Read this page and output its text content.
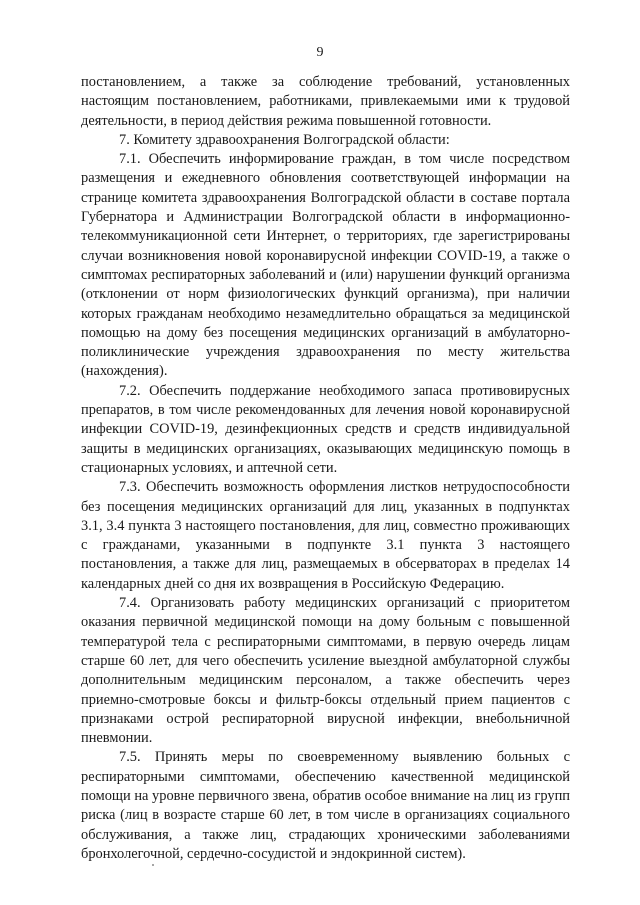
9

постановлением, а также за соблюдение требований, установленных настоящим постановлением, работниками, привлекаемыми ими к трудовой деятельности, в период действия режима повышенной готовности.

7. Комитету здравоохранения Волгоградской области:

7.1. Обеспечить информирование граждан, в том числе посредством размещения и ежедневного обновления соответствующей информации на странице комитета здравоохранения Волгоградской области в составе портала Губернатора и Администрации Волгоградской области в информационно-телекоммуникационной сети Интернет, о территориях, где зарегистрированы случаи возникновения новой коронавирусной инфекции COVID-19, а также о симптомах респираторных заболеваний и (или) нарушении функций организма (отклонении от норм физиологических функций организма), при наличии которых гражданам необходимо незамедлительно обращаться за медицинской помощью на дому без посещения медицинских организаций в амбулаторно-поликлинические учреждения здравоохранения по месту жительства (нахождения).

7.2. Обеспечить поддержание необходимого запаса противовирусных препаратов, в том числе рекомендованных для лечения новой коронавирусной инфекции COVID-19, дезинфекционных средств и средств индивидуальной защиты в медицинских организациях, оказывающих медицинскую помощь в стационарных условиях, и аптечной сети.

7.3. Обеспечить возможность оформления листков нетрудоспособности без посещения медицинских организаций для лиц, указанных в подпунктах 3.1, 3.4 пункта 3 настоящего постановления, для лиц, совместно проживающих с гражданами, указанными в подпункте 3.1 пункта 3 настоящего постановления, а также для лиц, размещаемых в обсерваторах в пределах 14 календарных дней со дня их возвращения в Российскую Федерацию.

7.4. Организовать работу медицинских организаций с приоритетом оказания первичной медицинской помощи на дому больным с повышенной температурой тела с респираторными симптомами, в первую очередь лицам старше 60 лет, для чего обеспечить усиление выездной амбулаторной службы дополнительным медицинским персоналом, а также обеспечить через приемно-смотровые боксы и фильтр-боксы отдельный прием пациентов с признаками острой респираторной вирусной инфекции, внебольничной пневмонии.

7.5. Принять меры по своевременному выявлению больных с респираторными симптомами, обеспечению качественной медицинской помощи на уровне первичного звена, обратив особое внимание на лиц из групп риска (лиц в возрасте старше 60 лет, в том числе в организациях социального обслуживания, а также лиц, страдающих хроническими заболеваниями бронхолегочной, сердечно-сосудистой и эндокринной систем).
